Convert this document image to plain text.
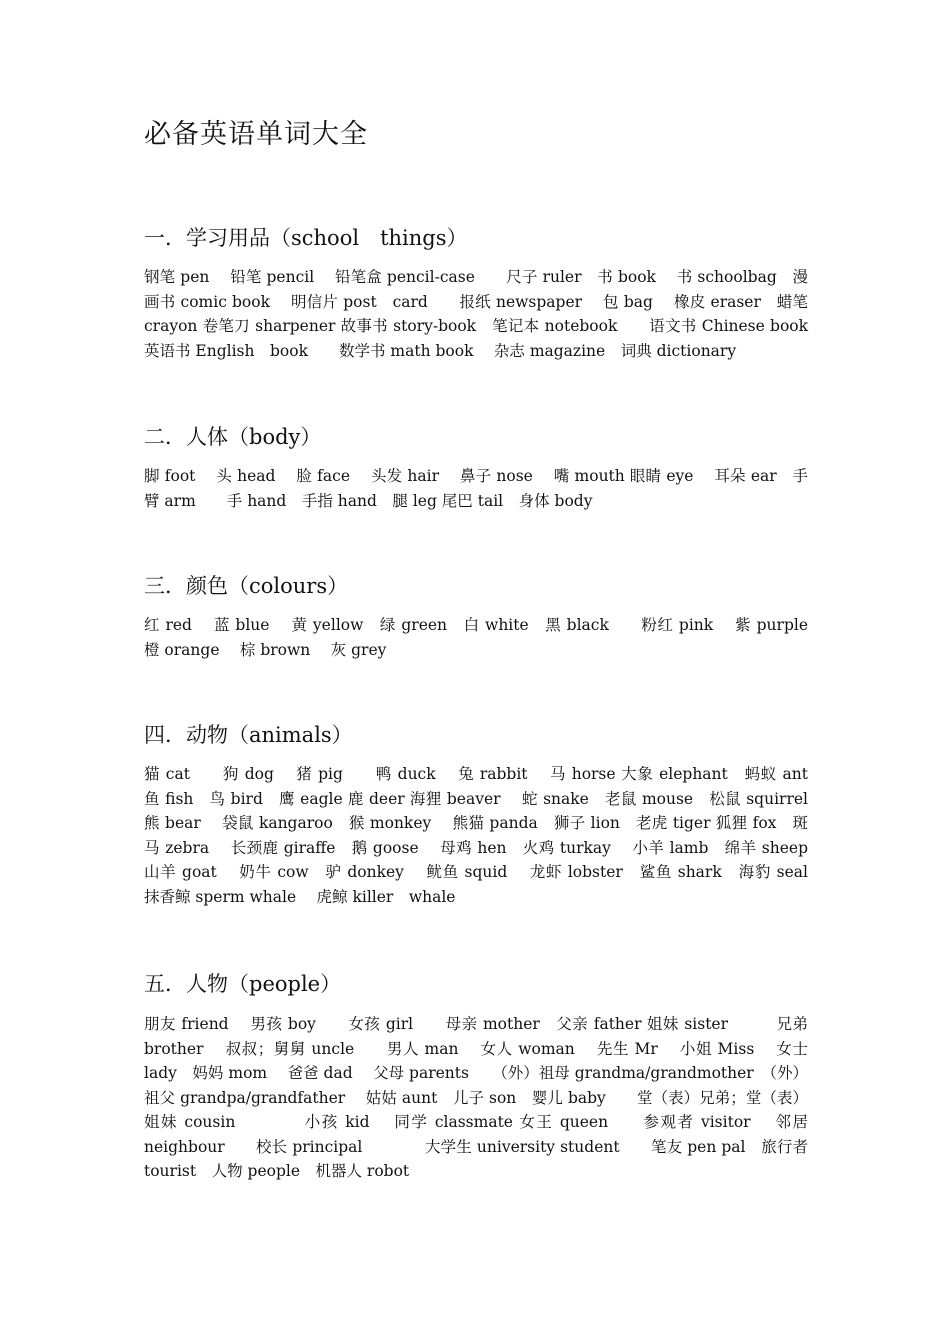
必备英语单词大全
一．学习用品（school　things）

钢笔 pen　 铅笔 pencil　 铅笔盒 pencil-case　　尺子 ruler　书 book　 书 schoolbag　漫画书 comic book　 明信片 post　card　　报纸 newspaper　 包 bag　 橡皮 eraser　蜡笔 crayon 卷笔刀 sharpener 故事书 story-book　笔记本 notebook　　语文书 Chinese book　英语书 English　book　　数学书 math book　 杂志 magazine　词典 dictionary

二．人体（body）

脚 foot　 头 head　 脸 face　 头发 hair　 鼻子 nose　 嘴 mouth 眼睛 eye　 耳朵 ear　手臂 arm　　手 hand　手指 hand　腿 leg 尾巴 tail　身体 body

三．颜色（colours）

红 red　 蓝 blue　 黄 yellow　绿 green　白 white　黑 black　　粉红 pink　 紫 purple　橙 orange　 棕 brown　 灰 grey

四．动物（animals）

猫 cat　　狗 dog　 猪 pig　　鸭 duck　 兔 rabbit　 马 horse 大象 elephant　蚂蚁 ant　鱼 fish　鸟 bird　鹰 eagle 鹿 deer 海狸 beaver　 蛇 snake　老鼠 mouse　松鼠 squirrel　熊 bear　 袋鼠 kangaroo　猴 monkey　 熊猫 panda　狮子 lion　老虎 tiger 狐狸 fox　斑马 zebra　 长颈鹿 giraffe　鹅 goose　 母鸡 hen　火鸡 turkay　 小羊 lamb　绵羊 sheep　山羊 goat　 奶牛 cow　驴 donkey　 鱿鱼 squid　 龙虾 lobster　鲨鱼 shark　海豹 seal　抹香鲸 sperm whale　 虎鲸 killer　whale

五．人物（people）

朋友 friend　 男孩 boy　　女孩 girl　　母亲 mother　父亲 father 姐妹 sister　　　兄弟 brother　 叔叔；舅舅 uncle　　男人 man　 女人 woman　 先生 Mr　 小姐 Miss　 女士 lady　妈妈 mom　 爸爸 dad　 父母 parents　　（外）祖母 grandma/grandmother　（外）祖父 grandpa/grandfather　 姑姑 aunt　儿子 son　婴儿 baby　　堂（表）兄弟；堂（表）姐妹 cousin　　　　小孩 kid　 同学 classmate 女王 queen　　参观者 visitor　 邻居 neighbour　　校长 principal　　　　大学生 university student　　笔友 pen pal　旅行者 tourist　人物 people　机器人 robot
